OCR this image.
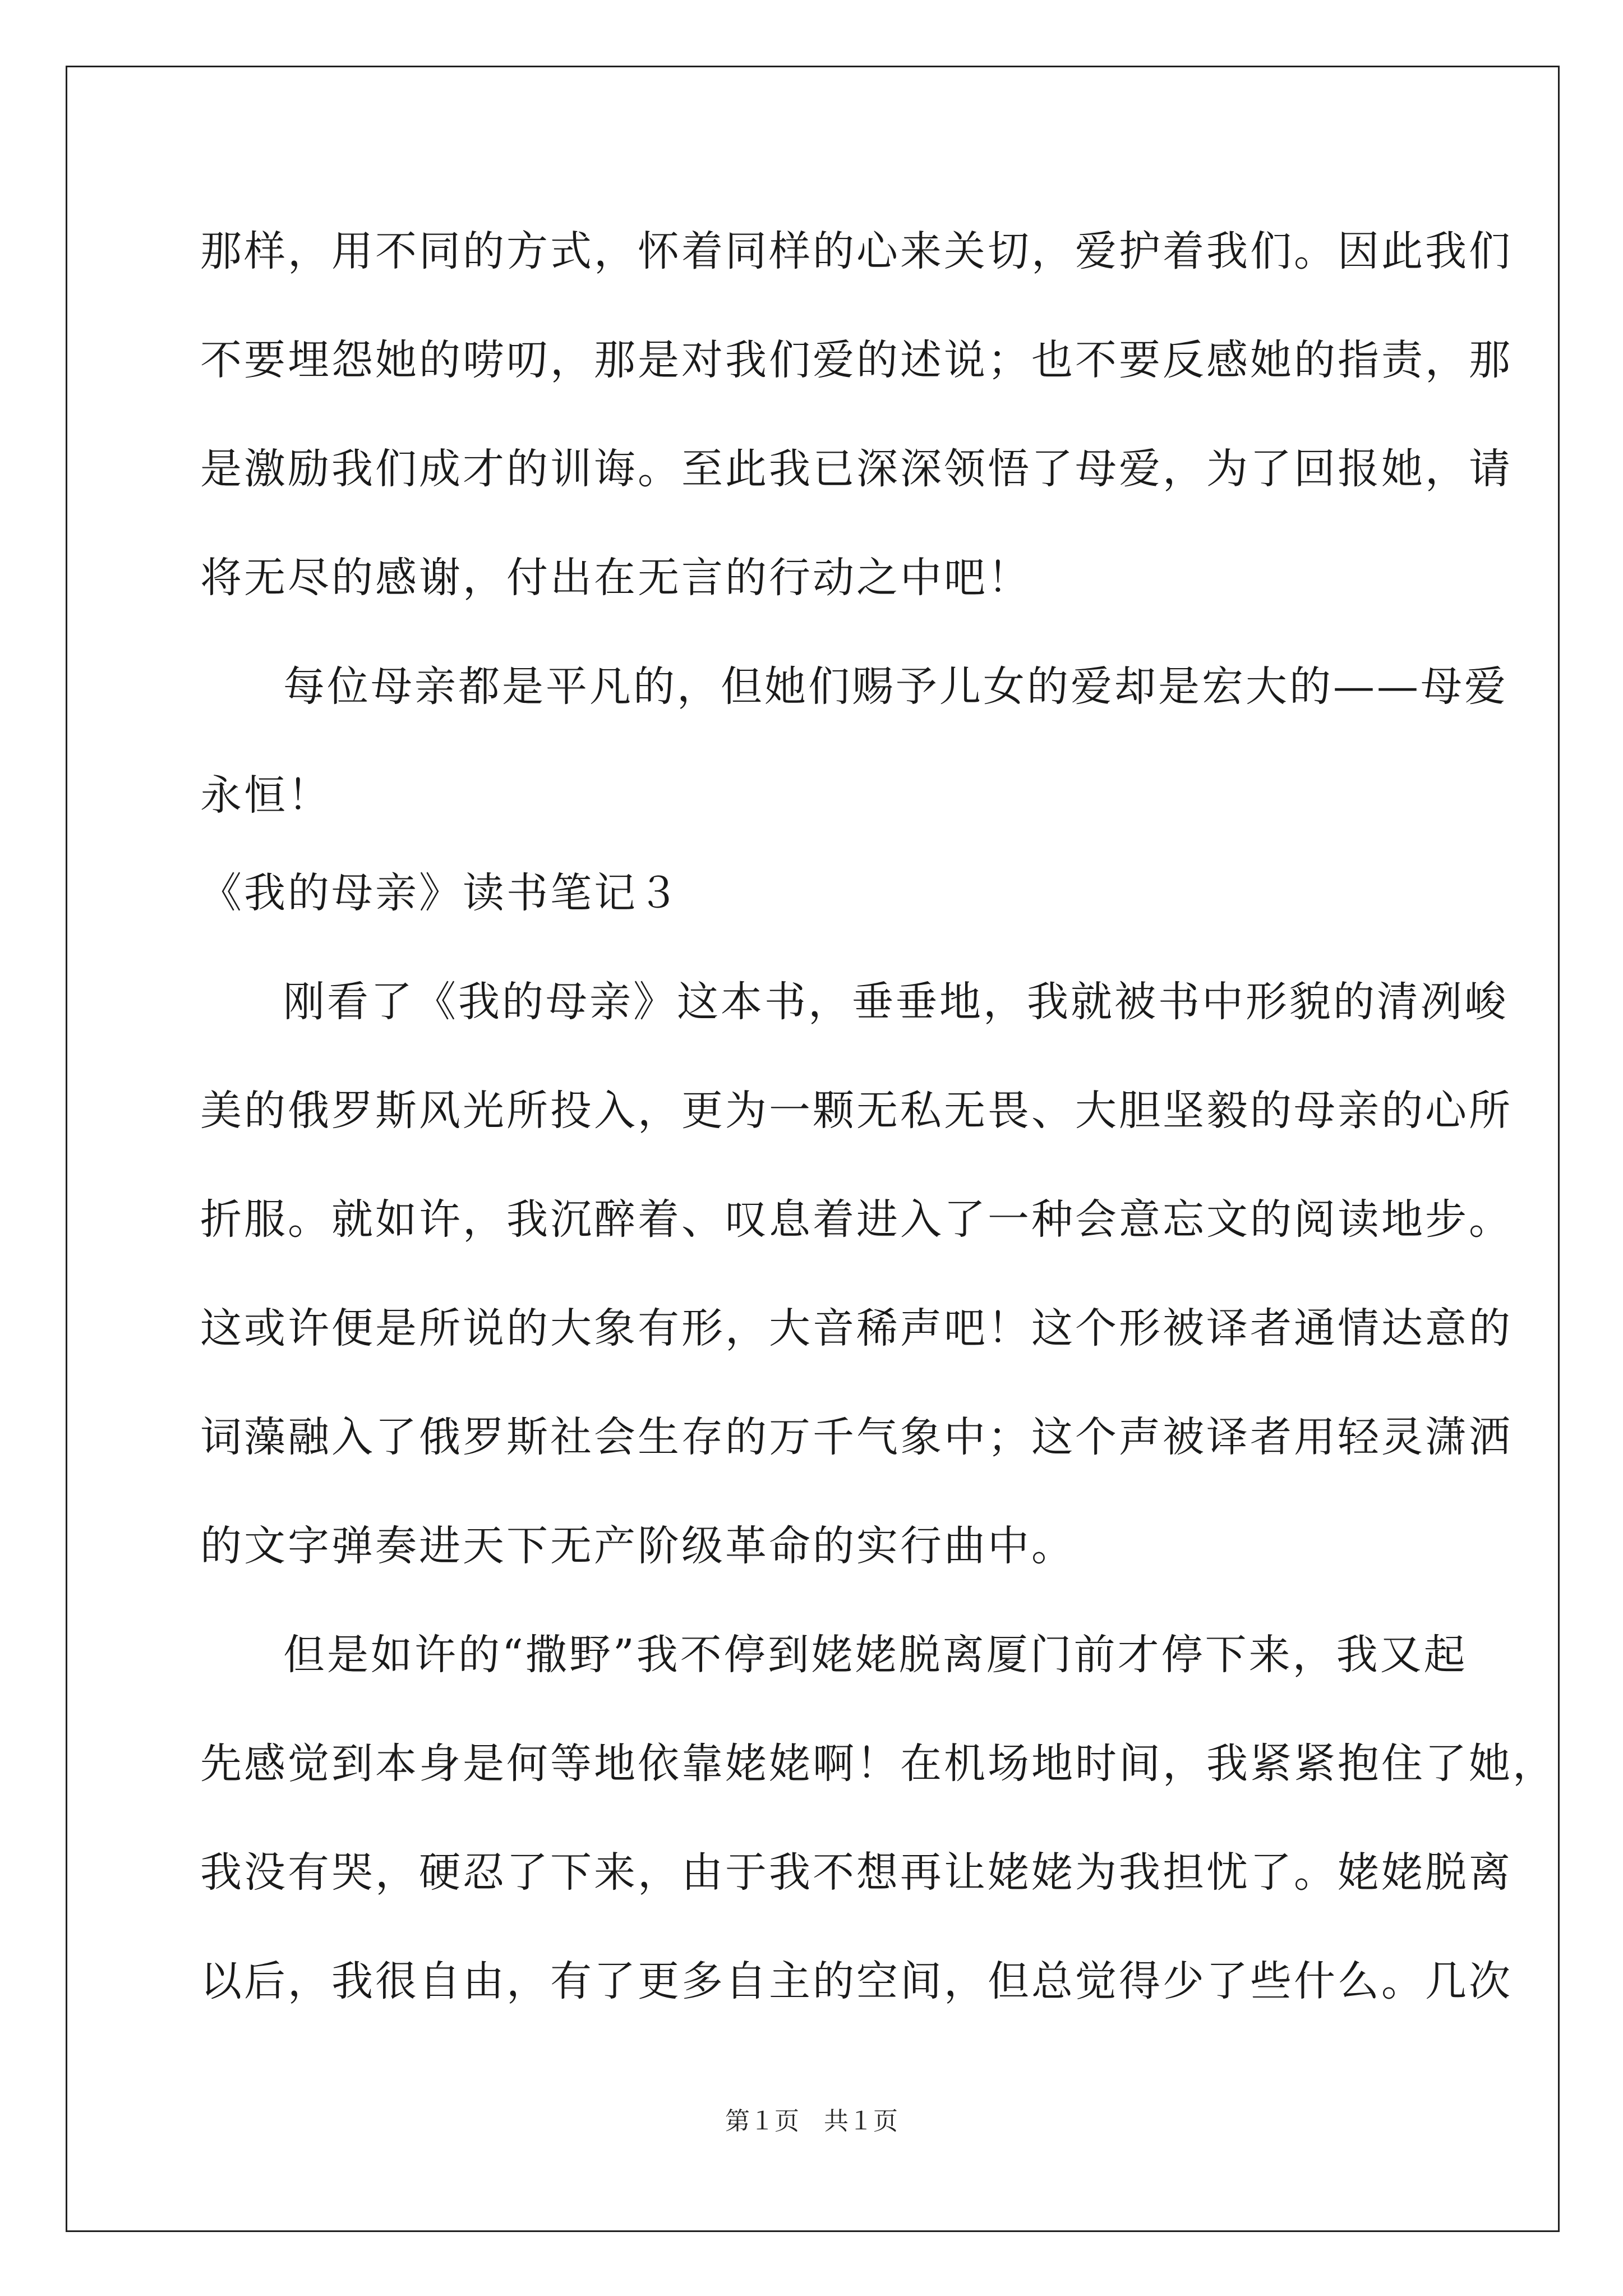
那样，用不同的方式，怀着同样的心来关切，爱护着我们。因此我们
不要埋怨她的唠叨，那是对我们爱的述说；也不要反感她的指责，那
是激励我们成才的训诲。至此我已深深领悟了母爱，为了回报她，请
将无尽的感谢，付出在无言的行动之中吧！
每位母亲都是平凡的，但她们赐予儿女的爱却是宏大的——母爱
永恒！
《我的母亲》读书笔记３
刚看了《我的母亲》这本书，垂垂地，我就被书中形貌的清冽峻
美的俄罗斯风光所投入，更为一颗无私无畏、大胆坚毅的母亲的心所
折服。就如许，我沉醉着、叹息着进入了一种会意忘文的阅读地步。
这或许便是所说的大象有形，大音稀声吧！这个形被译者通情达意的
词藻融入了俄罗斯社会生存的万千气象中；这个声被译者用轻灵潇洒
的文字弹奏进天下无产阶级革命的实行曲中。
但是如许的“撒野”我不停到姥姥脱离厦门前才停下来，我又起
先感觉到本身是何等地依靠姥姥啊！在机场地时间，我紧紧抱住了她，
我没有哭，硬忍了下来，由于我不想再让姥姥为我担忧了。姥姥脱离
以后，我很自由，有了更多自主的空间，但总觉得少了些什么。几次
第１页　共１页
